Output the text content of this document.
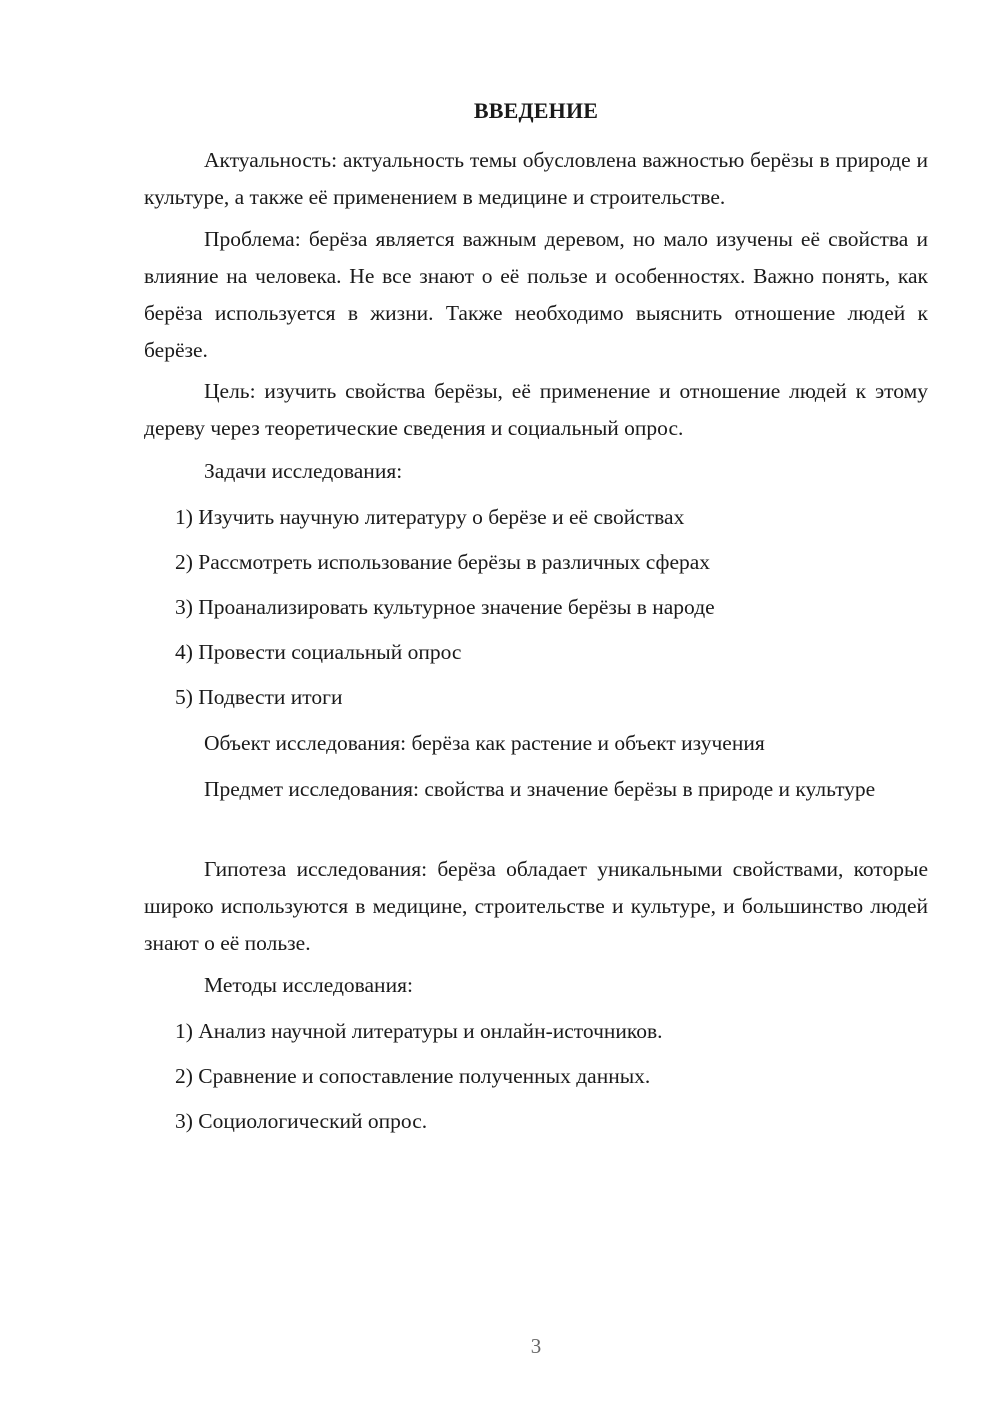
ВВЕДЕНИЕ

Актуальность: актуальность темы обусловлена важностью берёзы в природе и культуре, а также её применением в медицине и строительстве.

Проблема: берёза является важным деревом, но мало изучены её свойства и влияние на человека. Не все знают о её пользе и особенностях. Важно понять, как берёза используется в жизни. Также необходимо выяснить отношение людей к берёзе.

Цель: изучить свойства берёзы, её применение и отношение людей к этому дереву через теоретические сведения и социальный опрос.

Задачи исследования:

1) Изучить научную литературу о берёзе и её свойствах

2) Рассмотреть использование берёзы в различных сферах

3) Проанализировать культурное значение берёзы в народе

4) Провести социальный опрос

5) Подвести итоги

Объект исследования: берёза как растение и объект изучения

Предмет исследования: свойства и значение берёзы в природе и культуре

Гипотеза исследования: берёза обладает уникальными свойствами, которые широко используются в медицине, строительстве и культуре, и большинство людей знают о её пользе.

Методы исследования:

1) Анализ научной литературы и онлайн-источников.

2) Сравнение и сопоставление полученных данных.

3) Социологический опрос.

3
